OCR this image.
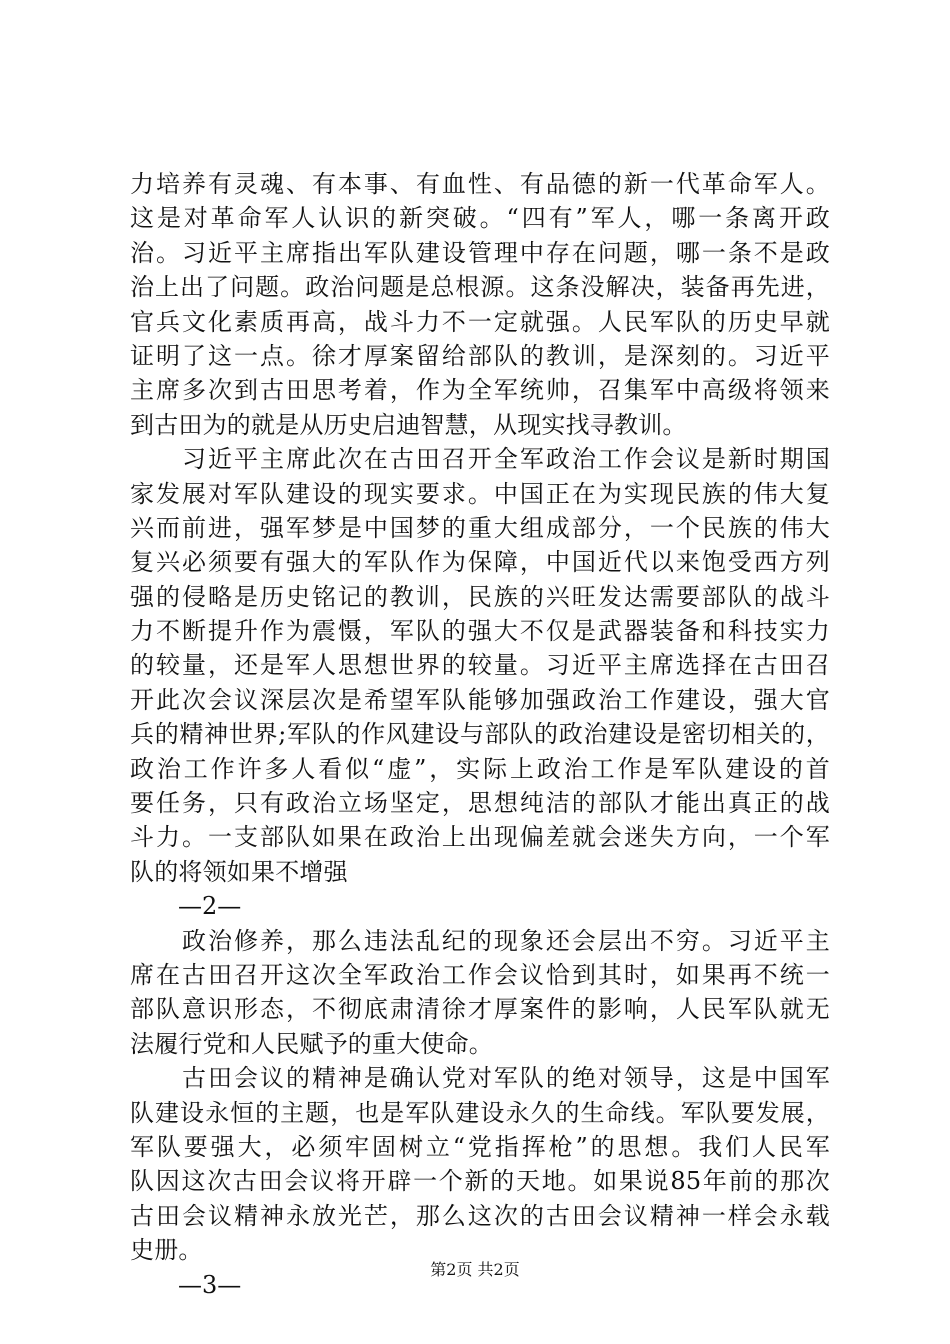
力培养有灵魂、有本事、有血性、有品德的新一代革命军人。
这是对革命军人认识的新突破。“四有”军人，哪一条离开政
治。习近平主席指出军队建设管理中存在问题，哪一条不是政
治上出了问题。政治问题是总根源。这条没解决，装备再先进，
官兵文化素质再高，战斗力不一定就强。人民军队的历史早就
证明了这一点。徐才厚案留给部队的教训，是深刻的。习近平
主席多次到古田思考着，作为全军统帅，召集军中高级将领来
到古田为的就是从历史启迪智慧，从现实找寻教训。
　　习近平主席此次在古田召开全军政治工作会议是新时期国
家发展对军队建设的现实要求。中国正在为实现民族的伟大复
兴而前进，强军梦是中国梦的重大组成部分，一个民族的伟大
复兴必须要有强大的军队作为保障，中国近代以来饱受西方列
强的侵略是历史铭记的教训，民族的兴旺发达需要部队的战斗
力不断提升作为震慑，军队的强大不仅是武器装备和科技实力
的较量，还是军人思想世界的较量。习近平主席选择在古田召
开此次会议深层次是希望军队能够加强政治工作建设，强大官
兵的精神世界;军队的作风建设与部队的政治建设是密切相关的，
政治工作许多人看似“虚”，实际上政治工作是军队建设的首
要任务，只有政治立场坚定，思想纯洁的部队才能出真正的战
斗力。一支部队如果在政治上出现偏差就会迷失方向，一个军
队的将领如果不增强
—2—
　　政治修养，那么违法乱纪的现象还会层出不穷。习近平主
席在古田召开这次全军政治工作会议恰到其时，如果再不统一
部队意识形态，不彻底肃清徐才厚案件的影响，人民军队就无
法履行党和人民赋予的重大使命。
　　古田会议的精神是确认党对军队的绝对领导，这是中国军
队建设永恒的主题，也是军队建设永久的生命线。军队要发展，
军队要强大，必须牢固树立“党指挥枪”的思想。我们人民军
队因这次古田会议将开辟一个新的天地。如果说85年前的那次
古田会议精神永放光芒，那么这次的古田会议精神一样会永载
史册。
—3—
第2页 共2页
